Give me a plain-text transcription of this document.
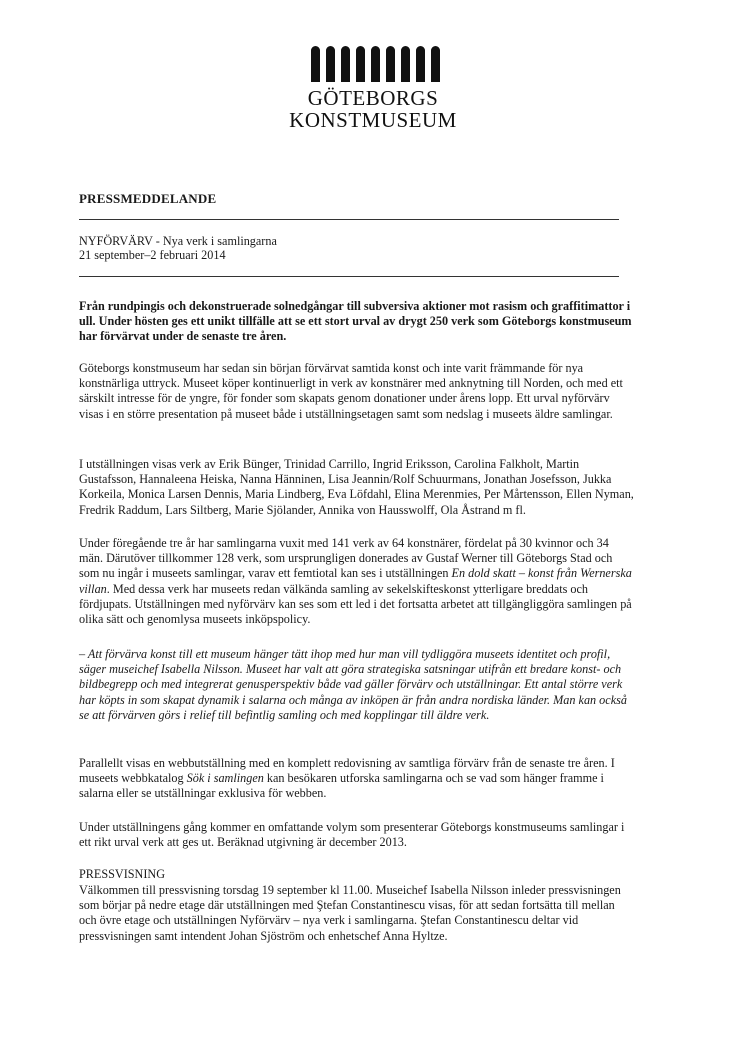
GÖTEBORGS
KONSTMUSEUM
PRESSMEDDELANDE
NYFÖRVÄRV - Nya verk i samlingarna
21 september–2 februari 2014
Från rundpingis och dekonstruerade solnedgångar till subversiva aktioner mot rasism och graffitimattor i ull. Under hösten ges ett unikt tillfälle att se ett stort urval av drygt 250 verk som Göteborgs konstmuseum har förvärvat under de senaste tre åren.
Göteborgs konstmuseum har sedan sin början förvärvat samtida konst och inte varit främmande för nya konstnärliga uttryck. Museet köper kontinuerligt in verk av konstnärer med anknytning till Norden, och med ett särskilt intresse för de yngre, för fonder som skapats genom donationer under årens lopp. Ett urval nyförvärv visas i en större presentation på museet både i utställningsetagen samt som nedslag i museets äldre samlingar.
I utställningen visas verk av Erik Bünger, Trinidad Carrillo, Ingrid Eriksson, Carolina Falkholt, Martin Gustafsson, Hannaleena Heiska, Nanna Hänninen, Lisa Jeannin/Rolf Schuurmans, Jonathan Josefsson, Jukka Korkeila, Monica Larsen Dennis, Maria Lindberg, Eva Löfdahl, Elina Merenmies, Per Mårtensson, Ellen Nyman, Fredrik Raddum, Lars Siltberg, Marie Sjölander, Annika von Hausswolff, Ola Åstrand m fl.

Under föregående tre år har samlingarna vuxit med 141 verk av 64 konstnärer, fördelat på 30 kvinnor och 34 män. Därutöver tillkommer 128 verk, som ursprungligen donerades av Gustaf Werner till Göteborgs Stad och som nu ingår i museets samlingar, varav ett femtiotal kan ses i utställningen En dold skatt – konst från Wernerska villan. Med dessa verk har museets redan välkända samling av sekelskifteskonst ytterligare breddats och fördjupats. Utställningen med nyförvärv kan ses som ett led i det fortsatta arbetet att tillgängliggöra samlingen på olika sätt och genomlysa museets inköpspolicy.

– Att förvärva konst till ett museum hänger tätt ihop med hur man vill tydliggöra museets identitet och profil, säger museichef Isabella Nilsson. Museet har valt att göra strategiska satsningar utifrån ett bredare konst- och bildbegrepp och med integrerat genusperspektiv både vad gäller förvärv och utställningar. Ett antal större verk har köpts in som skapat dynamik i salarna och många av inköpen är från andra nordiska länder. Man kan också se att förvärven görs i relief till befintlig samling och med kopplingar till äldre verk.

Parallellt visas en webbutställning med en komplett redovisning av samtliga förvärv från de senaste tre åren. I museets webbkatalog Sök i samlingen kan besökaren utforska samlingarna och se vad som hänger framme i salarna eller se utställningar exklusiva för webben.

Under utställningens gång kommer en omfattande volym som presenterar Göteborgs konstmuseums samlingar i ett rikt urval verk att ges ut. Beräknad utgivning är december 2013.
PRESSVISNING
Välkommen till pressvisning torsdag 19 september kl 11.00. Museichef Isabella Nilsson inleder pressvisningen som börjar på nedre etage där utställningen med Ştefan Constantinescu visas, för att sedan fortsätta till mellan och övre etage och utställningen Nyförvärv – nya verk i samlingarna. Ştefan Constantinescu deltar vid pressvisningen samt intendent Johan Sjöström och enhetschef Anna Hyltze.
